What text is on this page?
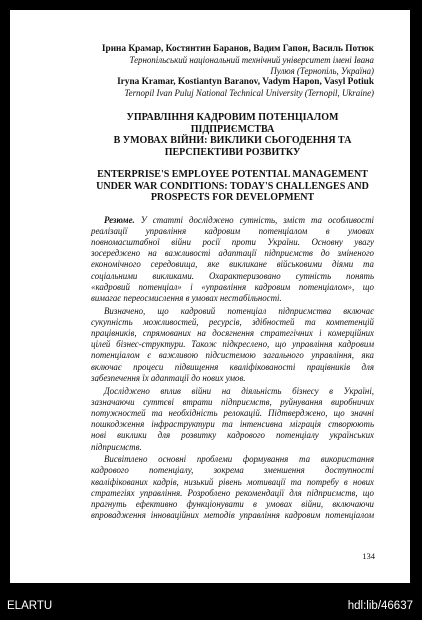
Ірина Крамар, Костянтин Баранов, Вадим Гапон, Василь Потюк

Тернопільський національний технічний університет імені Івана
Пулюя (Тернопіль, Україна)

Iryna Kramar, Kostiantyn Baranov, Vadym Hapon, Vasyl Potiuk

Ternopil Ivan Puluj National Technical University (Ternopil, Ukraine)
УПРАВЛІННЯ КАДРОВИМ ПОТЕНЦІАЛОМ ПІДПРИЄМСТВА
В УМОВАХ ВІЙНИ: ВИКЛИКИ СЬОГОДЕННЯ ТА
ПЕРСПЕКТИВИ РОЗВИТКУ
ENTERPRISE'S EMPLOYEE POTENTIAL MANAGEMENT
UNDER WAR CONDITIONS: TODAY'S CHALLENGES AND
PROSPECTS FOR DEVELOPMENT

Резюме. У статті досліджено сутність, зміст та особливості
реалізації управління кадровим потенціалом в умовах
повномасштабної війни росії проти України. Основну увагу
зосереджено на важливості адаптації підприємств до зміненого
економічного середовища, яке викликане військовими діями та
соціальними викликами. Охарактеризовано сутність понять
«кадровий потенціал» і «управління кадровим потенціалом», що
вимагає переосмислення в умовах нестабільності.

Визначено, що кадровий потенціал підприємства включає
сукупність можливостей, ресурсів, здібностей та компетенцій
працівників, спрямованих на досягнення стратегічних і комерційних
цілей бізнес-структури. Також підкреслено, що управління кадровим
потенціалом є важливою підсистемою загального управління, яка
включає процеси підвищення кваліфікованості працівників для
забезпечення їх адаптації до нових умов.

Досліджено вплив війни на діяльність бізнесу в Україні,
зазначаючи суттєві втрати підприємств, руйнування виробничих
потужностей та необхідність релокацій. Підтверджено, що значні
пошкодження інфраструктури та інтенсивна міграція створюють
нові виклики для розвитку кадрового потенціалу українських
підприємств.

Висвітлено основні проблеми формування та використання
кадрового потенціалу, зокрема зменшення доступності
кваліфікованих кадрів, низький рівень мотивації та потребу в нових
стратегіях управління. Розроблено рекомендації для підприємств, що
прагнуть ефективно функціонувати в умовах війни, включаючи
впровадження інноваційних методів управління кадровим потенціалом

134
ELARTU	hdl:lib/46637
